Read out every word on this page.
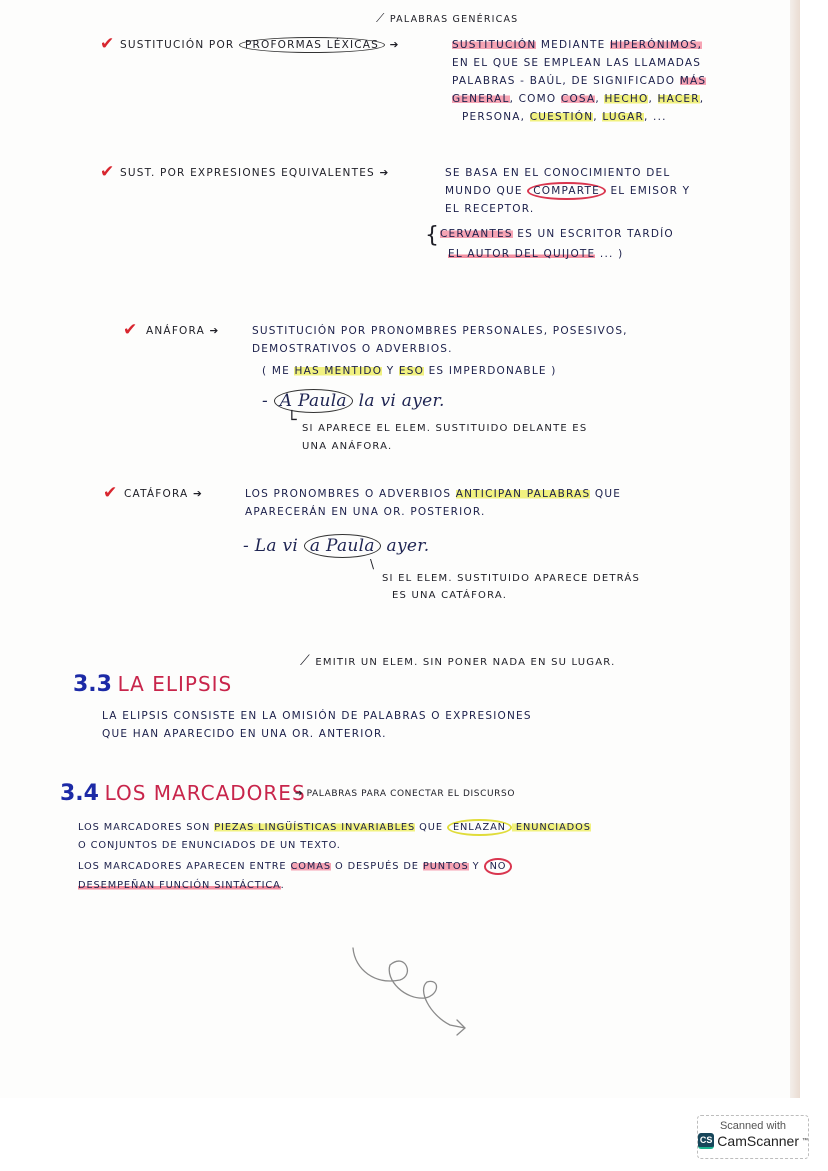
⟋ PALABRAS GENÉRICAS
✔ SUSTITUCIÓN POR PROFORMAS LÉXICAS ➔	SUSTITUCIÓN MEDIANTE HIPERÓNIMOS,
EN EL QUE SE EMPLEAN LAS LLAMADAS
PALABRAS - BAÚL, DE SIGNIFICADO MÁS
GENERAL, COMO COSA, HECHO, HACER,
PERSONA, CUESTIÓN, LUGAR, ...
✔ SUST. POR EXPRESIONES EQUIVALENTES ➔	SE BASA EN EL CONOCIMIENTO DEL
MUNDO QUE COMPARTE EL EMISOR Y
EL RECEPTOR.
{ CERVANTES ES UN ESCRITOR TARDÍO
EL AUTOR DEL QUIJOTE ... )
✔ ANÁFORA ➔	SUSTITUCIÓN POR PRONOMBRES PERSONALES, POSESIVOS,
DEMOSTRATIVOS O ADVERBIOS.
( ME HAS MENTIDO Y ESO ES IMPERDONABLE )
- A Paula la vi ayer.
└ SI APARECE EL ELEM. SUSTITUIDO DELANTE ES
UNA ANÁFORA.
✔ CATÁFORA ➔	LOS PRONOMBRES O ADVERBIOS ANTICIPAN PALABRAS QUE
APARECERÁN EN UNA OR. POSTERIOR.
- La vi a Paula ayer.
\
SI EL ELEM. SUSTITUIDO APARECE DETRÁS
ES UNA CATÁFORA.
⟋ EMITIR UN ELEM. SIN PONER NADA EN SU LUGAR.
3.3 LA ELIPSIS
LA ELIPSIS CONSISTE EN LA OMISIÓN DE PALABRAS O EXPRESIONES
QUE HAN APARECIDO EN UNA OR. ANTERIOR.
3.4 LOS MARCADORES
➔ PALABRAS PARA CONECTAR EL DISCURSO
LOS MARCADORES SON PIEZAS LINGÜÍSTICAS INVARIABLES QUE ENLAZAN ENUNCIADOS
O CONJUNTOS DE ENUNCIADOS DE UN TEXTO.
LOS MARCADORES APARECEN ENTRE COMAS O DESPUÉS DE PUNTOS Y NO
DESEMPEÑAN FUNCIÓN SINTÁCTICA.
Scanned with
CS CamScanner ™
